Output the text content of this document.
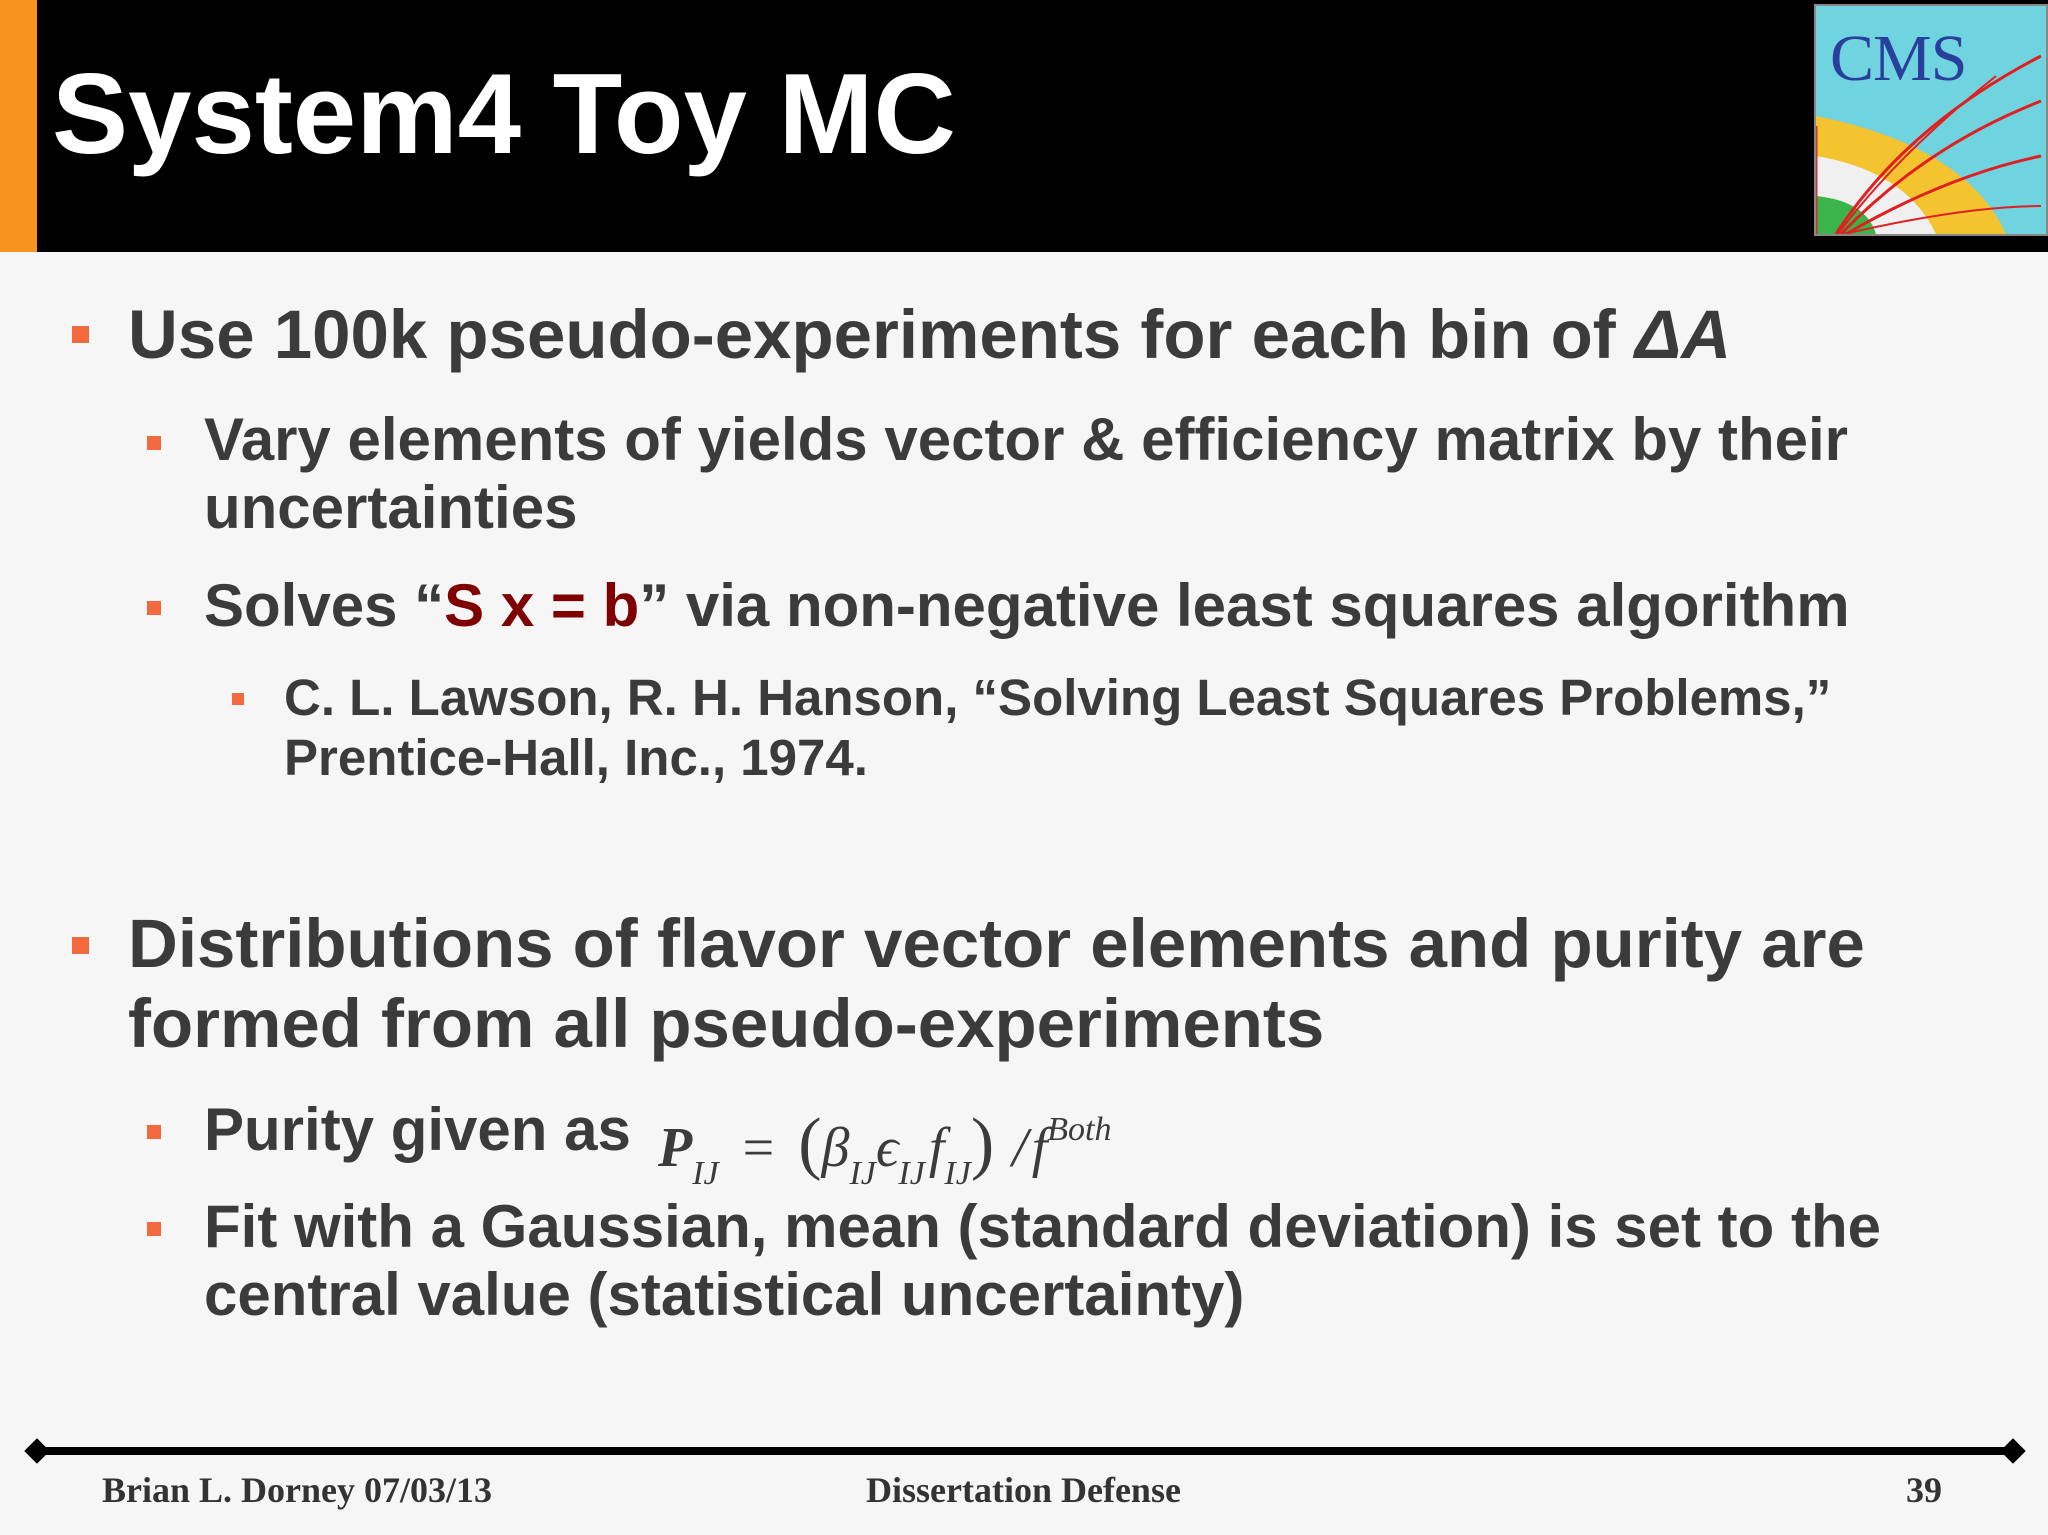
System4 Toy MC	CMS
Use 100k pseudo-experiments for each bin of ΔA
Vary elements of yields vector & efficiency matrix by their
uncertainties
Solves “S x = b” via non-negative least squares algorithm
C. L. Lawson, R. H. Hanson, “Solving Least Squares Problems,”
Prentice-Hall, Inc., 1974.
Distributions of flavor vector elements and purity are
formed from all pseudo-experiments
Purity given as $P_{IJ} = (\beta_{IJ}\epsilon_{IJ}f_{IJ})$ $/f^{Both}$
Fit with a Gaussian, mean (standard deviation) is set to the
central value (statistical uncertainty)
Brian L. Dorney 07/03/13	Dissertation Defense	39
